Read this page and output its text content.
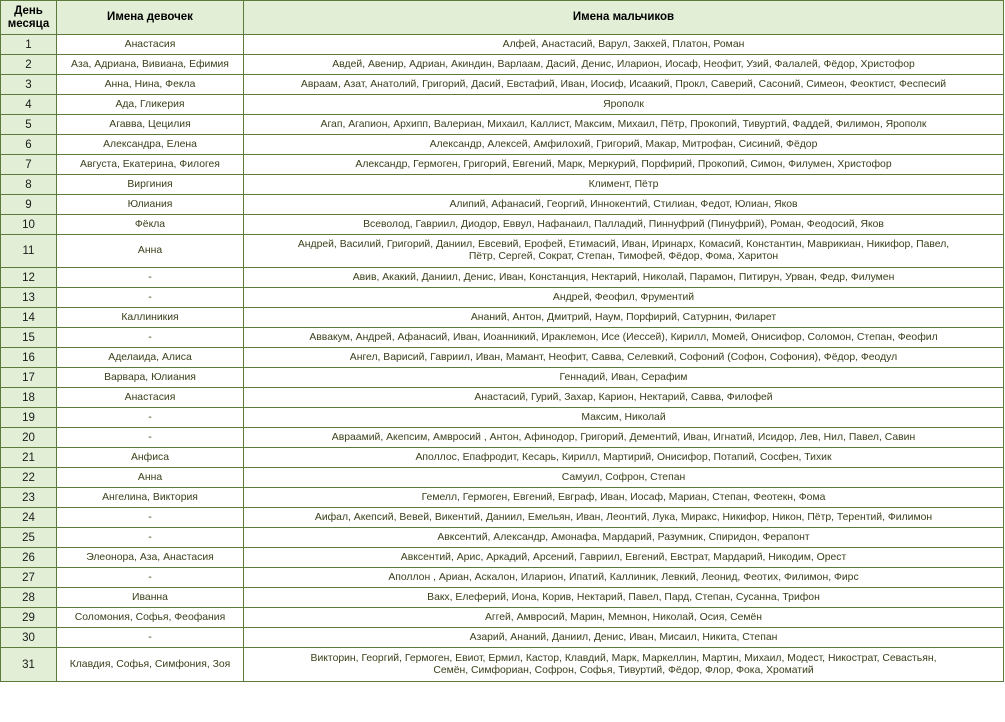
День месяца	Имена девочек	Имена мальчиков
1	Анастасия	Алфей, Анастасий, Варул, Закхей, Платон, Роман
2	Аза, Адриана, Вивиана, Ефимия	Авдей, Авенир, Адриан, Акиндин, Варлаам, Дасий, Денис, Иларион, Иосаф, Неофит, Узий, Фалалей, Фёдор, Христофор
3	Анна, Нина, Фекла	Авраам, Азат, Анатолий, Григорий, Дасий, Евстафий, Иван, Иосиф, Исаакий, Прокл, Саверий, Сасоний, Симеон, Феоктист, Феспесий
4	Ада, Гликерия	Ярополк
5	Агавва, Цецилия	Агап, Агапион, Архипп, Валериан, Михаил, Каллист, Максим, Михаил, Пётр, Прокопий, Тивуртий, Фаддей, Филимон, Ярополк
6	Александра, Елена	Александр, Алексей, Амфилохий, Григорий, Макар, Митрофан, Сисиний, Фёдор
7	Августа, Екатерина, Филогея	Александр, Гермоген, Григорий, Евгений, Марк, Меркурий, Порфирий, Прокопий, Симон, Филумен, Христофор
8	Виргиния	Климент, Пётр
9	Юлиания	Алипий, Афанасий, Георгий, Иннокентий, Стилиан, Федот, Юлиан, Яков
10	Фёкла	Всеволод, Гавриил, Диодор, Еввул, Нафанаил, Палладий, Пиннуфрий (Пинуфрий), Роман, Феодосий, Яков
11	Анна	Андрей, Василий, Григорий, Даниил, Евсевий, Ерофей, Етимасий, Иван, Иринарх, Комасий, Константин, Маврикиан, Никифор, Павел,
Пётр, Сергей, Сократ, Степан, Тимофей, Фёдор, Фома, Харитон
12	-	Авив, Акакий, Даниил, Денис, Иван, Констанция, Нектарий, Николай, Парамон, Питирун, Урван, Федр, Филумен
13	-	Андрей, Феофил, Фрументий
14	Каллиникия	Ананий, Антон, Дмитрий, Наум, Порфирий, Сатурнин, Филарет
15	-	Аввакум, Андрей, Афанасий, Иван, Иоанникий, Ираклемон, Исе (Иессей), Кирилл, Момей, Онисифор, Соломон, Степан, Феофил
16	Аделаида, Алиса	Ангел, Варисий, Гавриил, Иван, Мамант, Неофит, Савва, Селевкий, Софоний (Софон, Софония), Фёдор, Феодул
17	Варвара, Юлиания	Геннадий, Иван, Серафим
18	Анастасия	Анастасий, Гурий, Захар, Карион, Нектарий, Савва, Филофей
19	-	Максим, Николай
20	-	Авраамий, Акепсим, Амвросий , Антон, Афинодор, Григорий, Дементий, Иван, Игнатий, Исидор, Лев, Нил, Павел, Савин
21	Анфиса	Аполлос, Епафродит, Кесарь, Кирилл, Мартирий, Онисифор, Потапий, Сосфен, Тихик
22	Анна	Самуил, Софрон, Степан
23	Ангелина, Виктория	Гемелл, Гермоген, Евгений, Евграф, Иван, Иосаф, Мариан, Степан, Феотекн, Фома
24	-	Аифал, Акепсий, Вевей, Викентий, Даниил, Емельян, Иван, Леонтий, Лука, Миракс, Никифор, Никон, Пётр, Терентий, Филимон
25	-	Авксентий, Александр, Амонафа, Мардарий, Разумник, Спиридон, Ферапонт
26	Элеонора, Аза, Анастасия	Авксентий, Арис, Аркадий, Арсений, Гавриил, Евгений, Евстрат, Мардарий, Никодим, Орест
27	-	Аполлон , Ариан, Аскалон, Иларион, Ипатий, Каллиник, Левкий, Леонид, Феотих, Филимон, Фирс
28	Иванна	Вакх, Елеферий, Иона, Корив, Нектарий, Павел, Пард, Степан, Сусанна, Трифон
29	Соломония, Софья, Феофания	Аггей, Амвросий, Марин, Мемнон, Николай, Осия, Семён
30	-	Азарий, Ананий, Даниил, Денис, Иван, Мисаил, Никита, Степан
31	Клавдия, Софья, Симфония, Зоя	Викторин, Георгий, Гермоген, Евиот, Ермил, Кастор, Клавдий, Марк, Маркеллин, Мартин, Михаил, Модест, Никострат, Севастьян,
Семён, Симфориан, Софрон, Софья, Тивуртий, Фёдор, Флор, Фока, Хроматий
